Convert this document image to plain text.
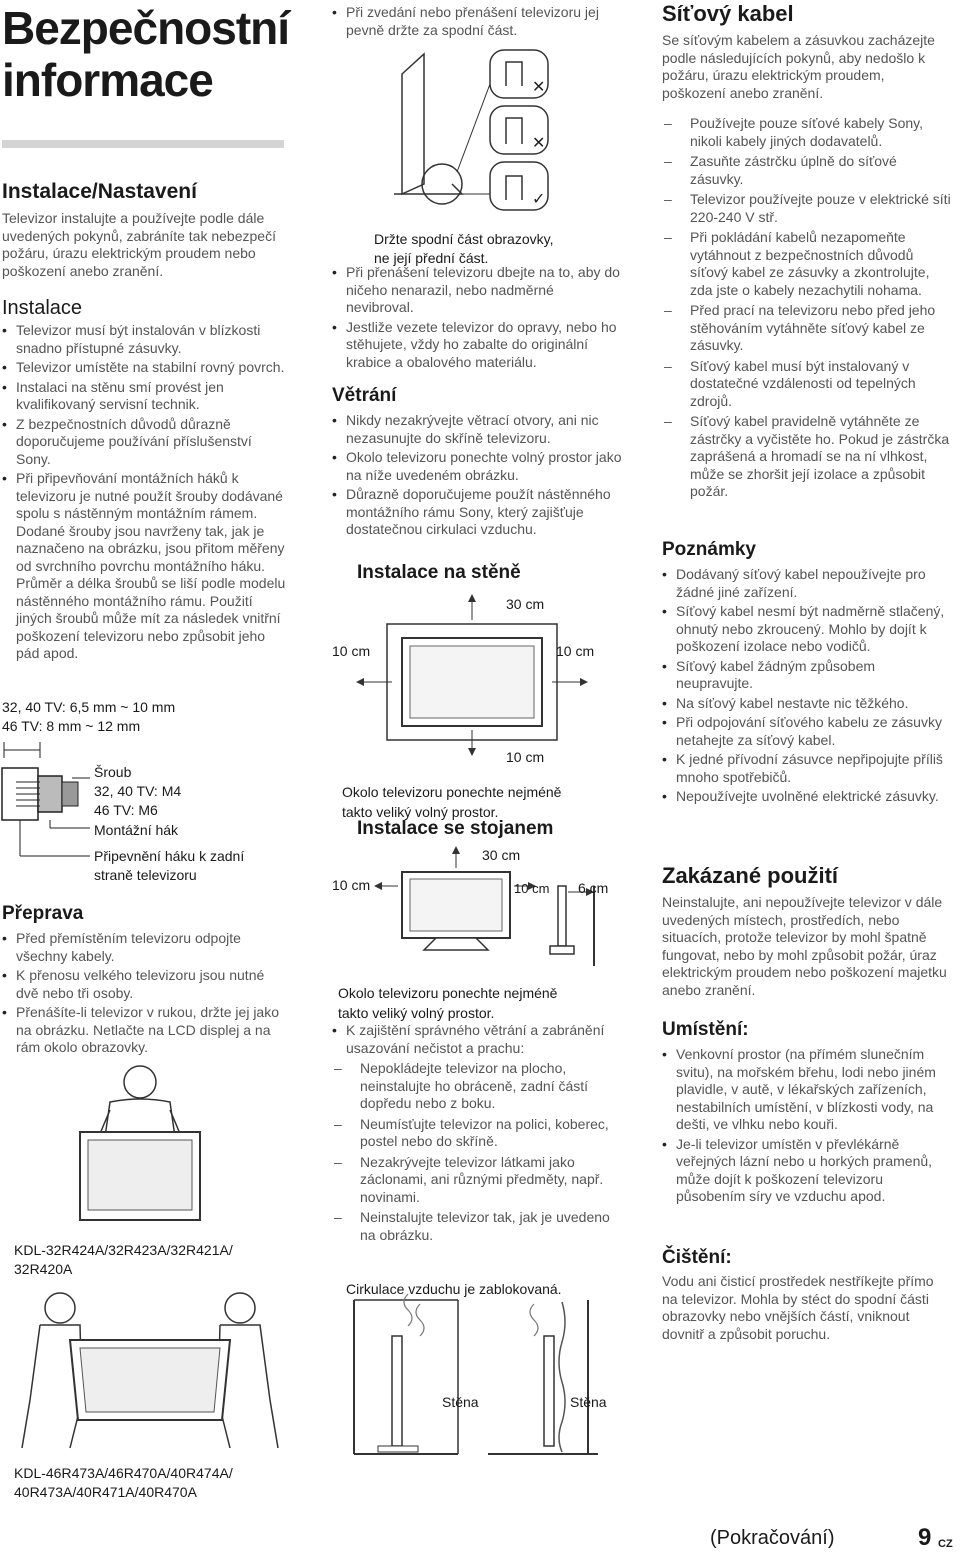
Bezpečnostní
informace
Instalace/Nastavení

Televizor instalujte a používejte podle dále uvedených pokynů, zabráníte tak nebezpečí požáru, úrazu elektrickým proudem nebo poškození anebo zranění.

Instalace
• Televizor musí být instalován v blízkosti snadno přístupné zásuvky.
• Televizor umístěte na stabilní rovný povrch.
• Instalaci na stěnu smí provést jen kvalifikovaný servisní technik.
• Z bezpečnostních důvodů důrazně doporučujeme používání příslušenství Sony.
• Při připevňování montážních háků k televizoru je nutné použít šrouby dodávané spolu s nástěnným montážním rámem. Dodané šrouby jsou navrženy tak, jak je naznačeno na obrázku, jsou přitom měřeny od svrchního povrchu montážního háku. Průměr a délka šroubů se liší podle modelu nástěnného montážního rámu. Použití jiných šroubů může mít za následek vnitřní poškození televizoru nebo způsobit jeho pád apod.

32, 40 TV: 6,5 mm ~ 10 mm

46 TV: 8 mm ~ 12 mm

Šroub
32, 40 TV: M4
46 TV: M6
Montážní hák
Připevnění háku k zadní
straně televizoru
Přeprava
• Před přemístěním televizoru odpojte všechny kabely.
• K přenosu velkého televizoru jsou nutné dvě nebo tři osoby.
• Přenášíte-li televizor v rukou, držte jej jako na obrázku. Netlačte na LCD displej a na rám okolo obrazovky.

KDL-32R424A/32R423A/32R421A/

32R420A

KDL-46R473A/46R470A/40R474A/

40R473A/40R471A/40R470A

• Při zvedání nebo přenášení televizoru jej pevně držte za spodní část.
✕
✕
✓

Držte spodní část obrazovky,

ne její přední část.

• Při přenášení televizoru dbejte na to, aby do ničeho nenarazil, nebo nadměrné nevibroval.
• Jestliže vezete televizor do opravy, nebo ho stěhujete, vždy ho zabalte do originální krabice a obalového materiálu.
Větrání
• Nikdy nezakrývejte větrací otvory, ani nic nezasunujte do skříně televizoru.
• Okolo televizoru ponechte volný prostor jako na níže uvedeném obrázku.
• Důrazně doporučujeme použít nástěnného montážního rámu Sony, který zajišťuje dostatečnou cirkulaci vzduchu.
Instalace na stěně
30 cm
10 cm	10 cm
10 cm

Okolo televizoru ponechte nejméně

takto veliký volný prostor.

Instalace se stojanem
30 cm
10 cm	10 cm 6 cm

Okolo televizoru ponechte nejméně

takto veliký volný prostor.

• K zajištění správného větrání a zabránění usazování nečistot a prachu:
– Nepokládejte televizor na plocho, neinstalujte ho obráceně, zadní částí dopředu nebo z boku.
– Neumísťujte televizor na polici, koberec, postel nebo do skříně.
– Nezakrývejte televizor látkami jako záclonami, ani různými předměty, např. novinami.
– Neinstalujte televizor tak, jak je uvedeno na obrázku.

Cirkulace vzduchu je zablokovaná.

Stěna	Stěna
Síťový kabel

Se síťovým kabelem a zásuvkou zacházejte podle následujících pokynů, aby nedošlo k požáru, úrazu elektrickým proudem, poškození anebo zranění.

– Používejte pouze síťové kabely Sony, nikoli kabely jiných dodavatelů.
– Zasuňte zástrčku úplně do síťové zásuvky.
– Televizor používejte pouze v elektrické síti 220-240 V stř.
– Při pokládání kabelů nezapomeňte vytáhnout z bezpečnostních důvodů síťový kabel ze zásuvky a zkontrolujte, zda jste o kabely nezachytili nohama.
– Před prací na televizoru nebo před jeho stěhováním vytáhněte síťový kabel ze zásuvky.
– Síťový kabel musí být instalovaný v dostatečné vzdálenosti od tepelných zdrojů.
– Síťový kabel pravidelně vytáhněte ze zástrčky a vyčistěte ho. Pokud je zástrčka zaprášená a hromadí se na ní vlhkost, může se zhoršit její izolace a způsobit požár.
Poznámky
• Dodávaný síťový kabel nepoužívejte pro žádné jiné zařízení.
• Síťový kabel nesmí být nadměrně stlačený, ohnutý nebo zkroucený. Mohlo by dojít k poškození izolace nebo vodičů.
• Síťový kabel žádným způsobem neupravujte.
• Na síťový kabel nestavte nic těžkého.
• Při odpojování síťového kabelu ze zásuvky netahejte za síťový kabel.
• K jedné přívodní zásuvce nepřipojujte příliš mnoho spotřebičů.
• Nepoužívejte uvolněné elektrické zásuvky.
Zakázané použití

Neinstalujte, ani nepoužívejte televizor v dále uvedených místech, prostředích, nebo situacích, protože televizor by mohl špatně fungovat, nebo by mohl způsobit požár, úraz elektrickým proudem nebo poškození majetku anebo zranění.

Umístění:
• Venkovní prostor (na přímém slunečním svitu), na mořském břehu, lodi nebo jiném plavidle, v autě, v lékařských zařízeních, nestabilních umístění, v blízkosti vody, na dešti, ve vlhku nebo kouři.
• Je-li televizor umístěn v převlékárně veřejných lázní nebo u horkých pramenů, může dojít k poškození televizoru působením síry ve vzduchu apod.
Čištění:

Vodu ani čisticí prostředek nestříkejte přímo na televizor. Mohla by stéct do spodní části obrazovky nebo vnějších částí, vniknout dovnitř a způsobit poruchu.

(Pokračování)	9 CZ
